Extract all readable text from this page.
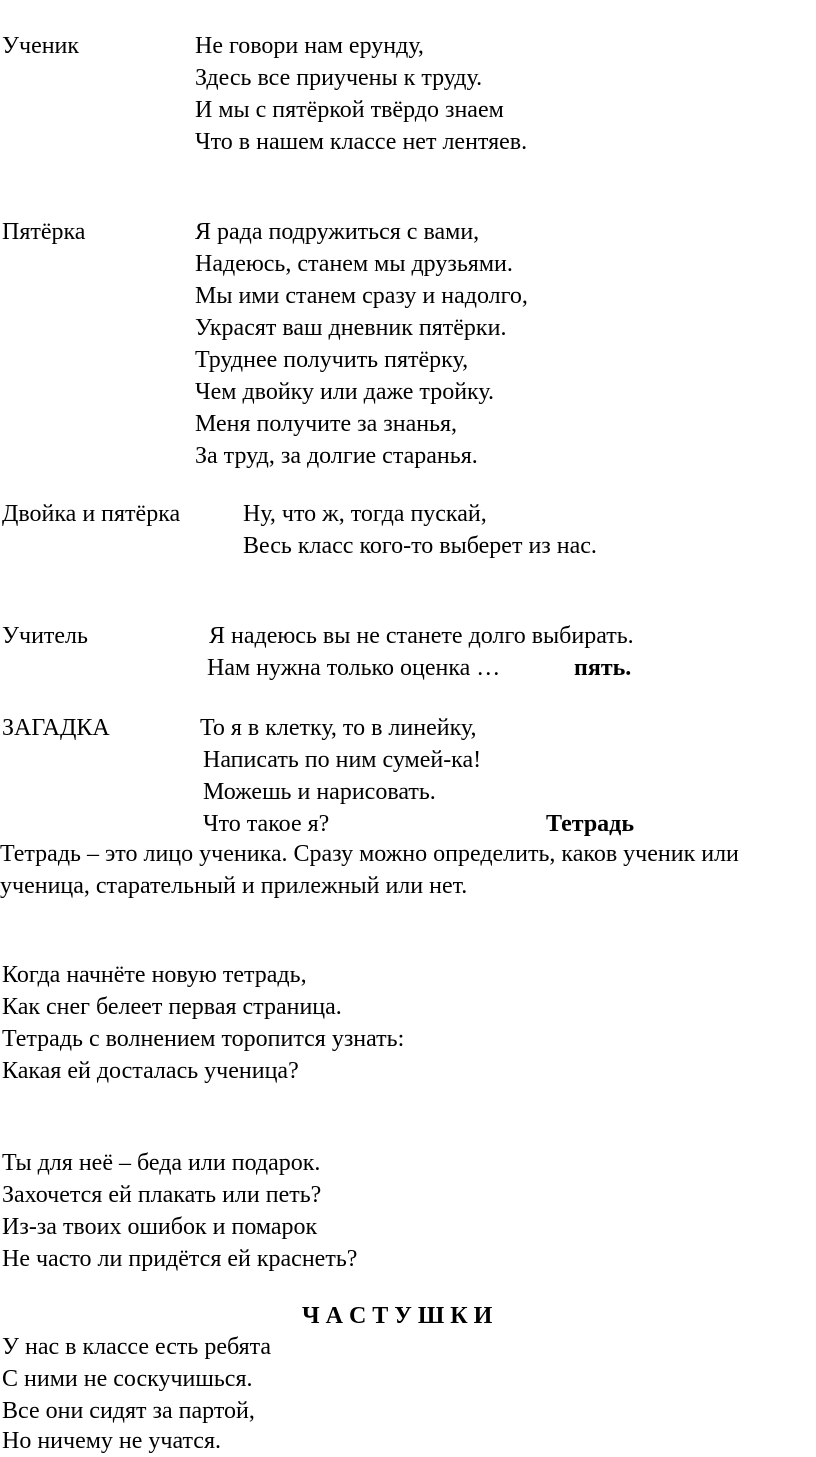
Ученик	Не говори нам ерунду,
Здесь все приучены к труду.
И мы с пятёркой твёрдо знаем
Что в нашем классе нет лентяев.
Пятёрка	Я рада подружиться с вами,
Надеюсь, станем мы друзьями.
Мы ими станем сразу и надолго,
Украсят ваш дневник пятёрки.
Труднее получить пятёрку,
Чем двойку или даже тройку.
Меня получите за знанья,
За труд, за долгие старанья.
Двойка и пятёрка	Ну, что ж, тогда пускай,
Весь класс кого-то выберет из нас.
Учитель	Я надеюсь вы не станете долго выбирать.
Нам нужна только оценка …	пять.
ЗАГАДКА	То я в клетку, то в линейку,
Написать по ним сумей-ка!
Можешь и нарисовать.
Что такое я?	Тетрадь
Тетрадь – это лицо ученика. Сразу можно определить, каков ученик или
ученица, старательный и прилежный или нет.
Когда начнёте новую тетрадь,
Как снег белеет первая страница.
Тетрадь с волнением торопится узнать:
Какая ей досталась ученица?
Ты для неё – беда или подарок.
Захочется ей плакать или петь?
Из-за твоих ошибок и помарок
Не часто ли придётся ей краснеть?
Ч А С Т У Ш К И
У нас в классе есть ребята
С ними не соскучишься.
Все они сидят за партой,
Но ничему не учатся.
